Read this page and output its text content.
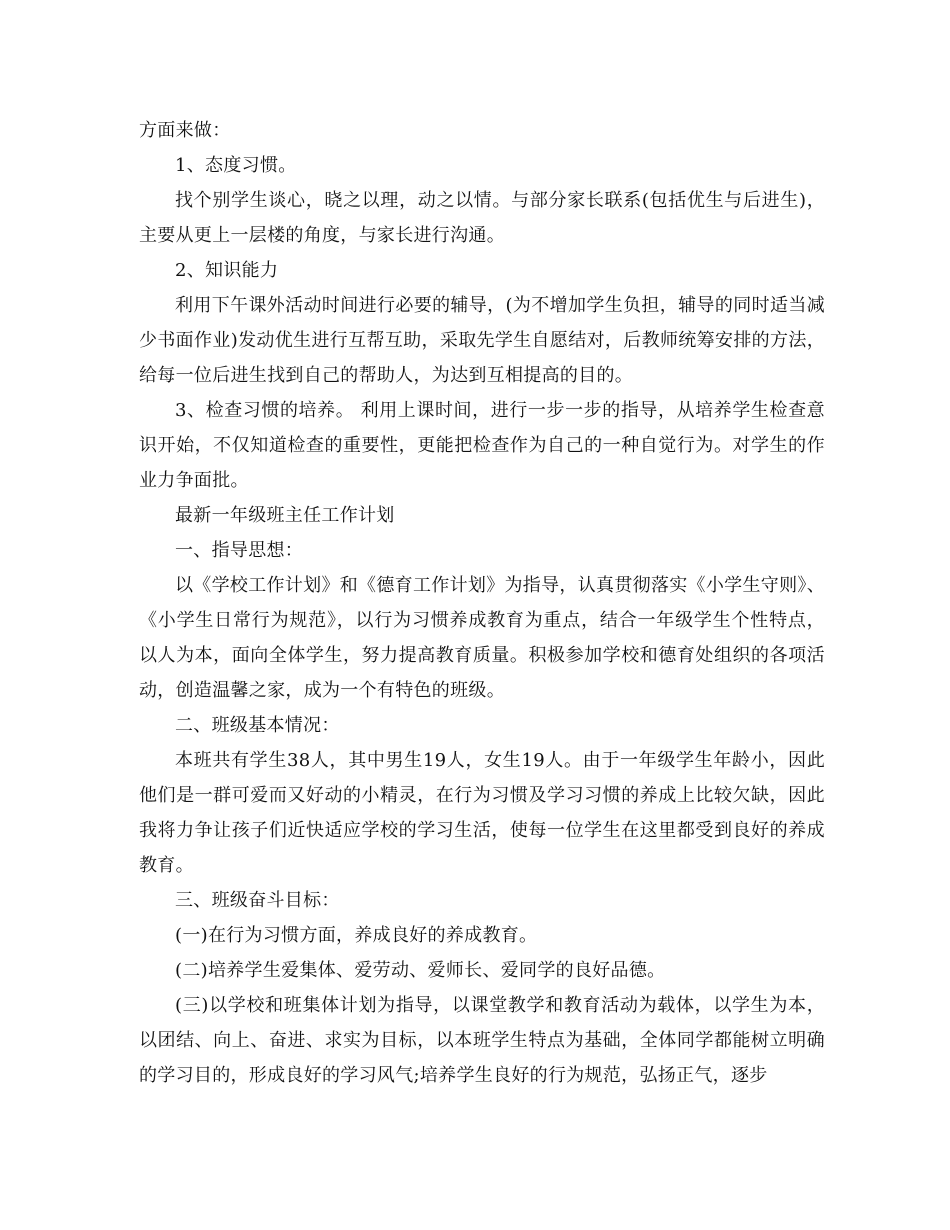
方面来做：

1、态度习惯。

找个别学生谈心，晓之以理，动之以情。与部分家长联系(包括优生与后进生)，主要从更上一层楼的角度，与家长进行沟通。

2、知识能力

利用下午课外活动时间进行必要的辅导，(为不增加学生负担，辅导的同时适当减少书面作业)发动优生进行互帮互助，采取先学生自愿结对，后教师统筹安排的方法，给每一位后进生找到自己的帮助人，为达到互相提高的目的。

3、检查习惯的培养。 利用上课时间，进行一步一步的指导，从培养学生检查意识开始，不仅知道检查的重要性，更能把检查作为自己的一种自觉行为。对学生的作业力争面批。

最新一年级班主任工作计划

一、指导思想：

以《学校工作计划》和《德育工作计划》为指导，认真贯彻落实《小学生守则》、《小学生日常行为规范》，以行为习惯养成教育为重点，结合一年级学生个性特点，以人为本，面向全体学生，努力提高教育质量。积极参加学校和德育处组织的各项活动，创造温馨之家，成为一个有特色的班级。

二、班级基本情况：

本班共有学生38人，其中男生19人，女生19人。由于一年级学生年龄小，因此他们是一群可爱而又好动的小精灵，在行为习惯及学习习惯的养成上比较欠缺，因此我将力争让孩子们近快适应学校的学习生活，使每一位学生在这里都受到良好的养成教育。

三、班级奋斗目标：

(一)在行为习惯方面，养成良好的养成教育。

(二)培养学生爱集体、爱劳动、爱师长、爱同学的良好品德。

(三)以学校和班集体计划为指导，以课堂教学和教育活动为载体，以学生为本，以团结、向上、奋进、求实为目标，以本班学生特点为基础，全体同学都能树立明确的学习目的，形成良好的学习风气;培养学生良好的行为规范，弘扬正气，逐步
